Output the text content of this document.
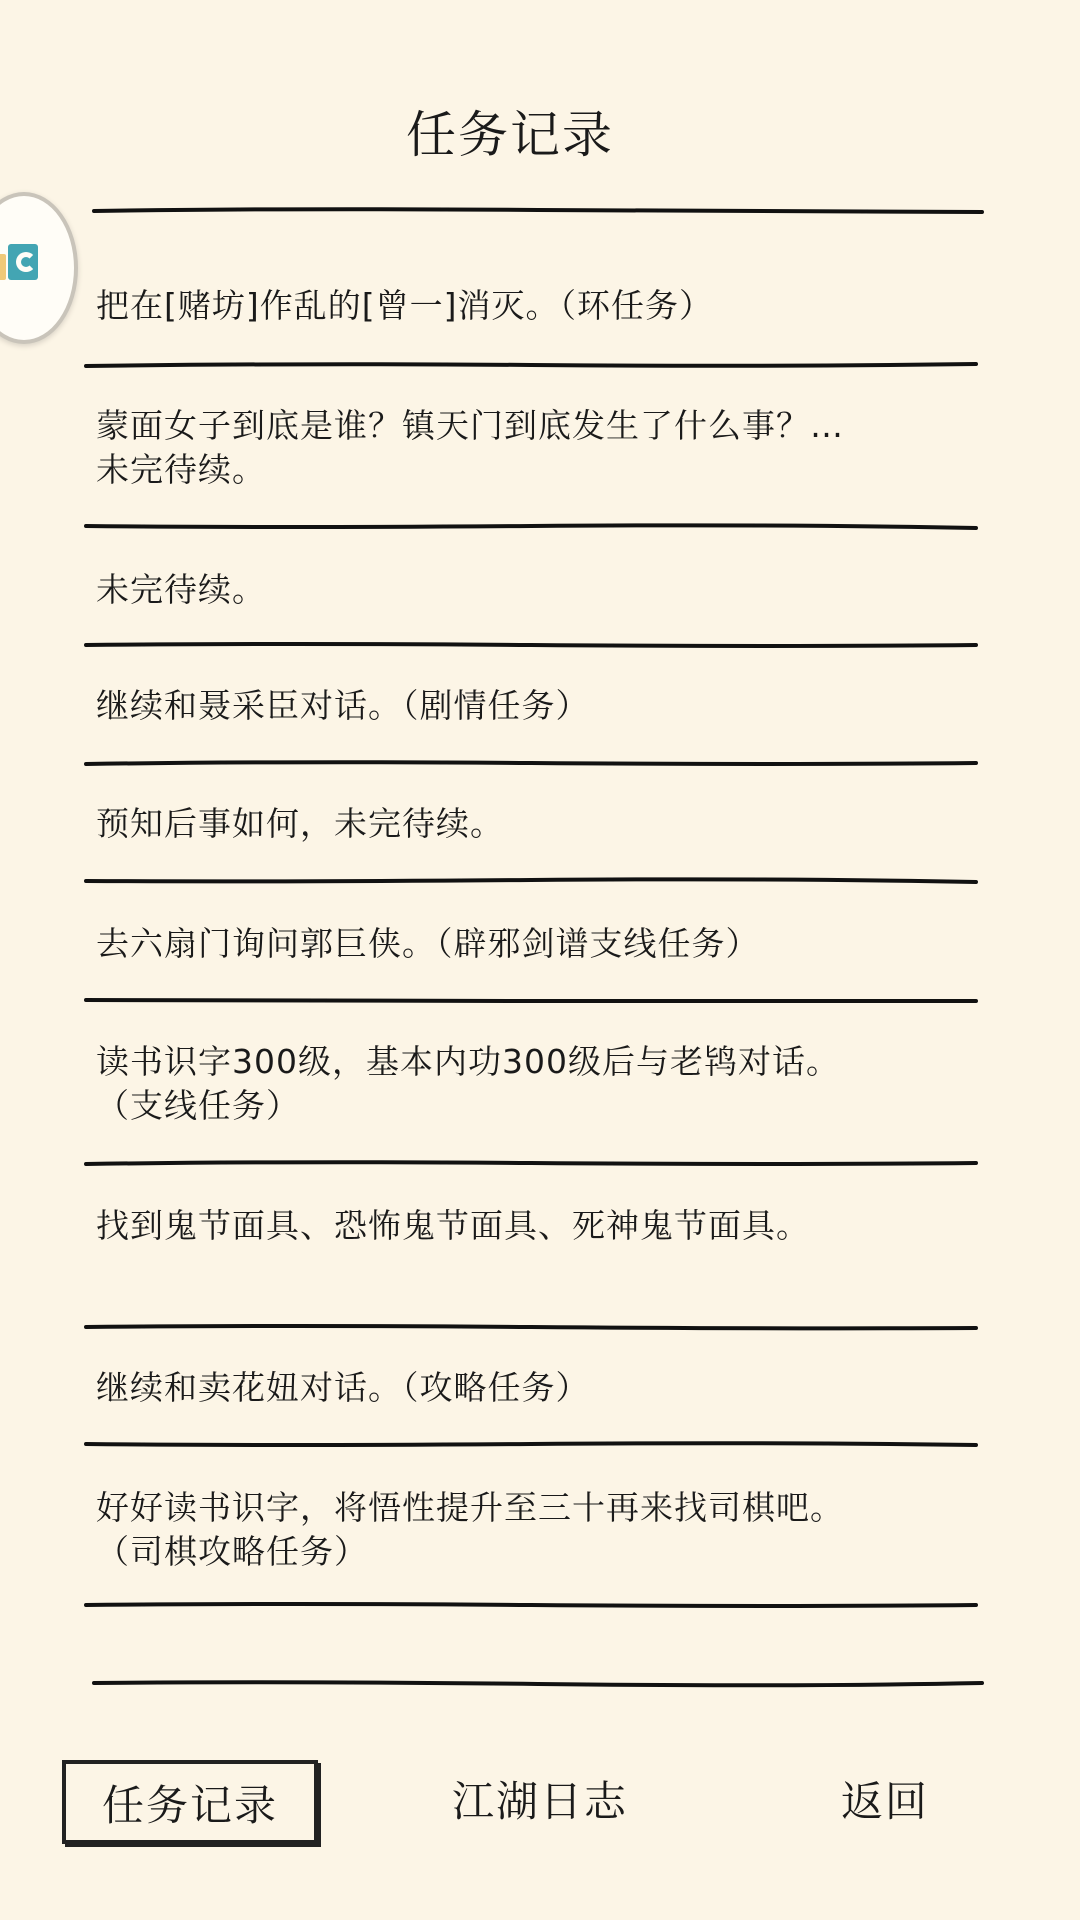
任务记录
把在[赌坊]作乱的[曾一]消灭。（环任务）
蒙面女子到底是谁？镇天门到底发生了什么事？…未完待续。
未完待续。
继续和聂采臣对话。（剧情任务）
预知后事如何，未完待续。
去六扇门询问郭巨侠。（辟邪剑谱支线任务）
读书识字300级，基本内功300级后与老鸨对话。（支线任务）
找到鬼节面具、恐怖鬼节面具、死神鬼节面具。
继续和卖花妞对话。（攻略任务）
好好读书识字，将悟性提升至三十再来找司棋吧。（司棋攻略任务）
任务记录	江湖日志	返回
